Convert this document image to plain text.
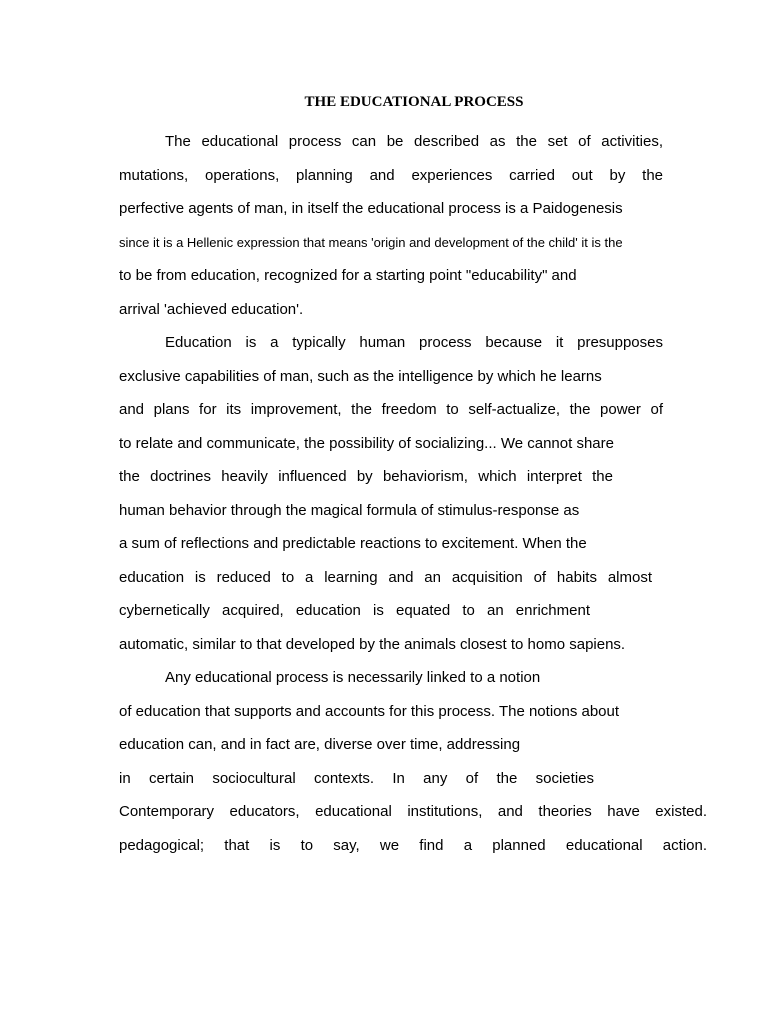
THE EDUCATIONAL PROCESS
The educational process can be described as the set of activities,
mutations, operations, planning and experiences carried out by the
perfective agents of man, in itself the educational process is a Paidogenesis
since it is a Hellenic expression that means 'origin and development of the child' it is the
to be from education, recognized for a starting point "educability" and
arrival 'achieved education'.
Education is a typically human process because it presupposes
exclusive capabilities of man, such as the intelligence by which he learns
and plans for its improvement, the freedom to self-actualize, the power of
to relate and communicate, the possibility of socializing... We cannot share
the doctrines heavily influenced by behaviorism, which interpret the
human behavior through the magical formula of stimulus-response as
a sum of reflections and predictable reactions to excitement. When the
education is reduced to a learning and an acquisition of habits almost
cybernetically acquired, education is equated to an enrichment
automatic, similar to that developed by the animals closest to homo sapiens.
Any educational process is necessarily linked to a notion
of education that supports and accounts for this process. The notions about
education can, and in fact are, diverse over time, addressing
in certain sociocultural contexts. In any of the societies
Contemporary educators, educational institutions, and theories have existed.
pedagogical; that is to say, we find a planned educational action.
